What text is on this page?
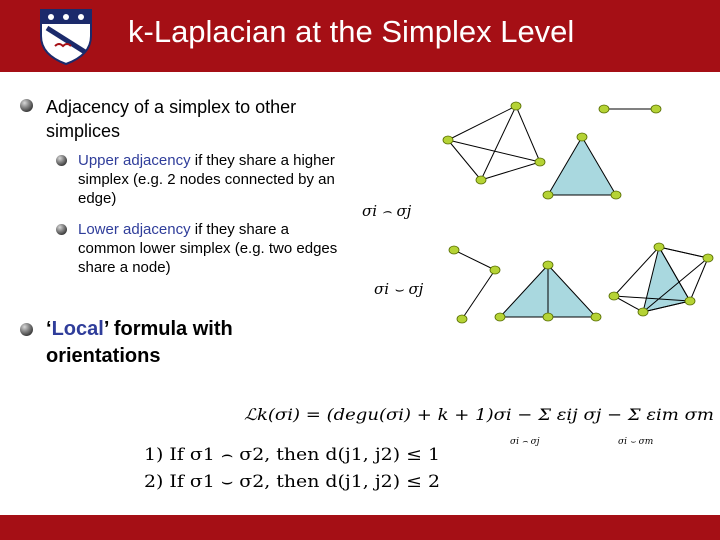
k-Laplacian at the Simplex Level
Adjacency of a simplex to other simplices
Upper adjacency if they share a higher simplex (e.g. 2 nodes connected by an edge)
Lower adjacency if they share a common lower simplex (e.g. two edges share a node)
‘Local’ formula with orientations
σi ⌢ σj
σi ⌣ σj
ℒk(σi) = (degu(σi) + k + 1)σi − Σ εij σj − Σ εim σm
σi ⌢ σj	σi ⌣ σm
1) If σ1 ⌢ σ2, then d(j1, j2) ≤ 1
2) If σ1 ⌣ σ2, then d(j1, j2) ≤ 2
